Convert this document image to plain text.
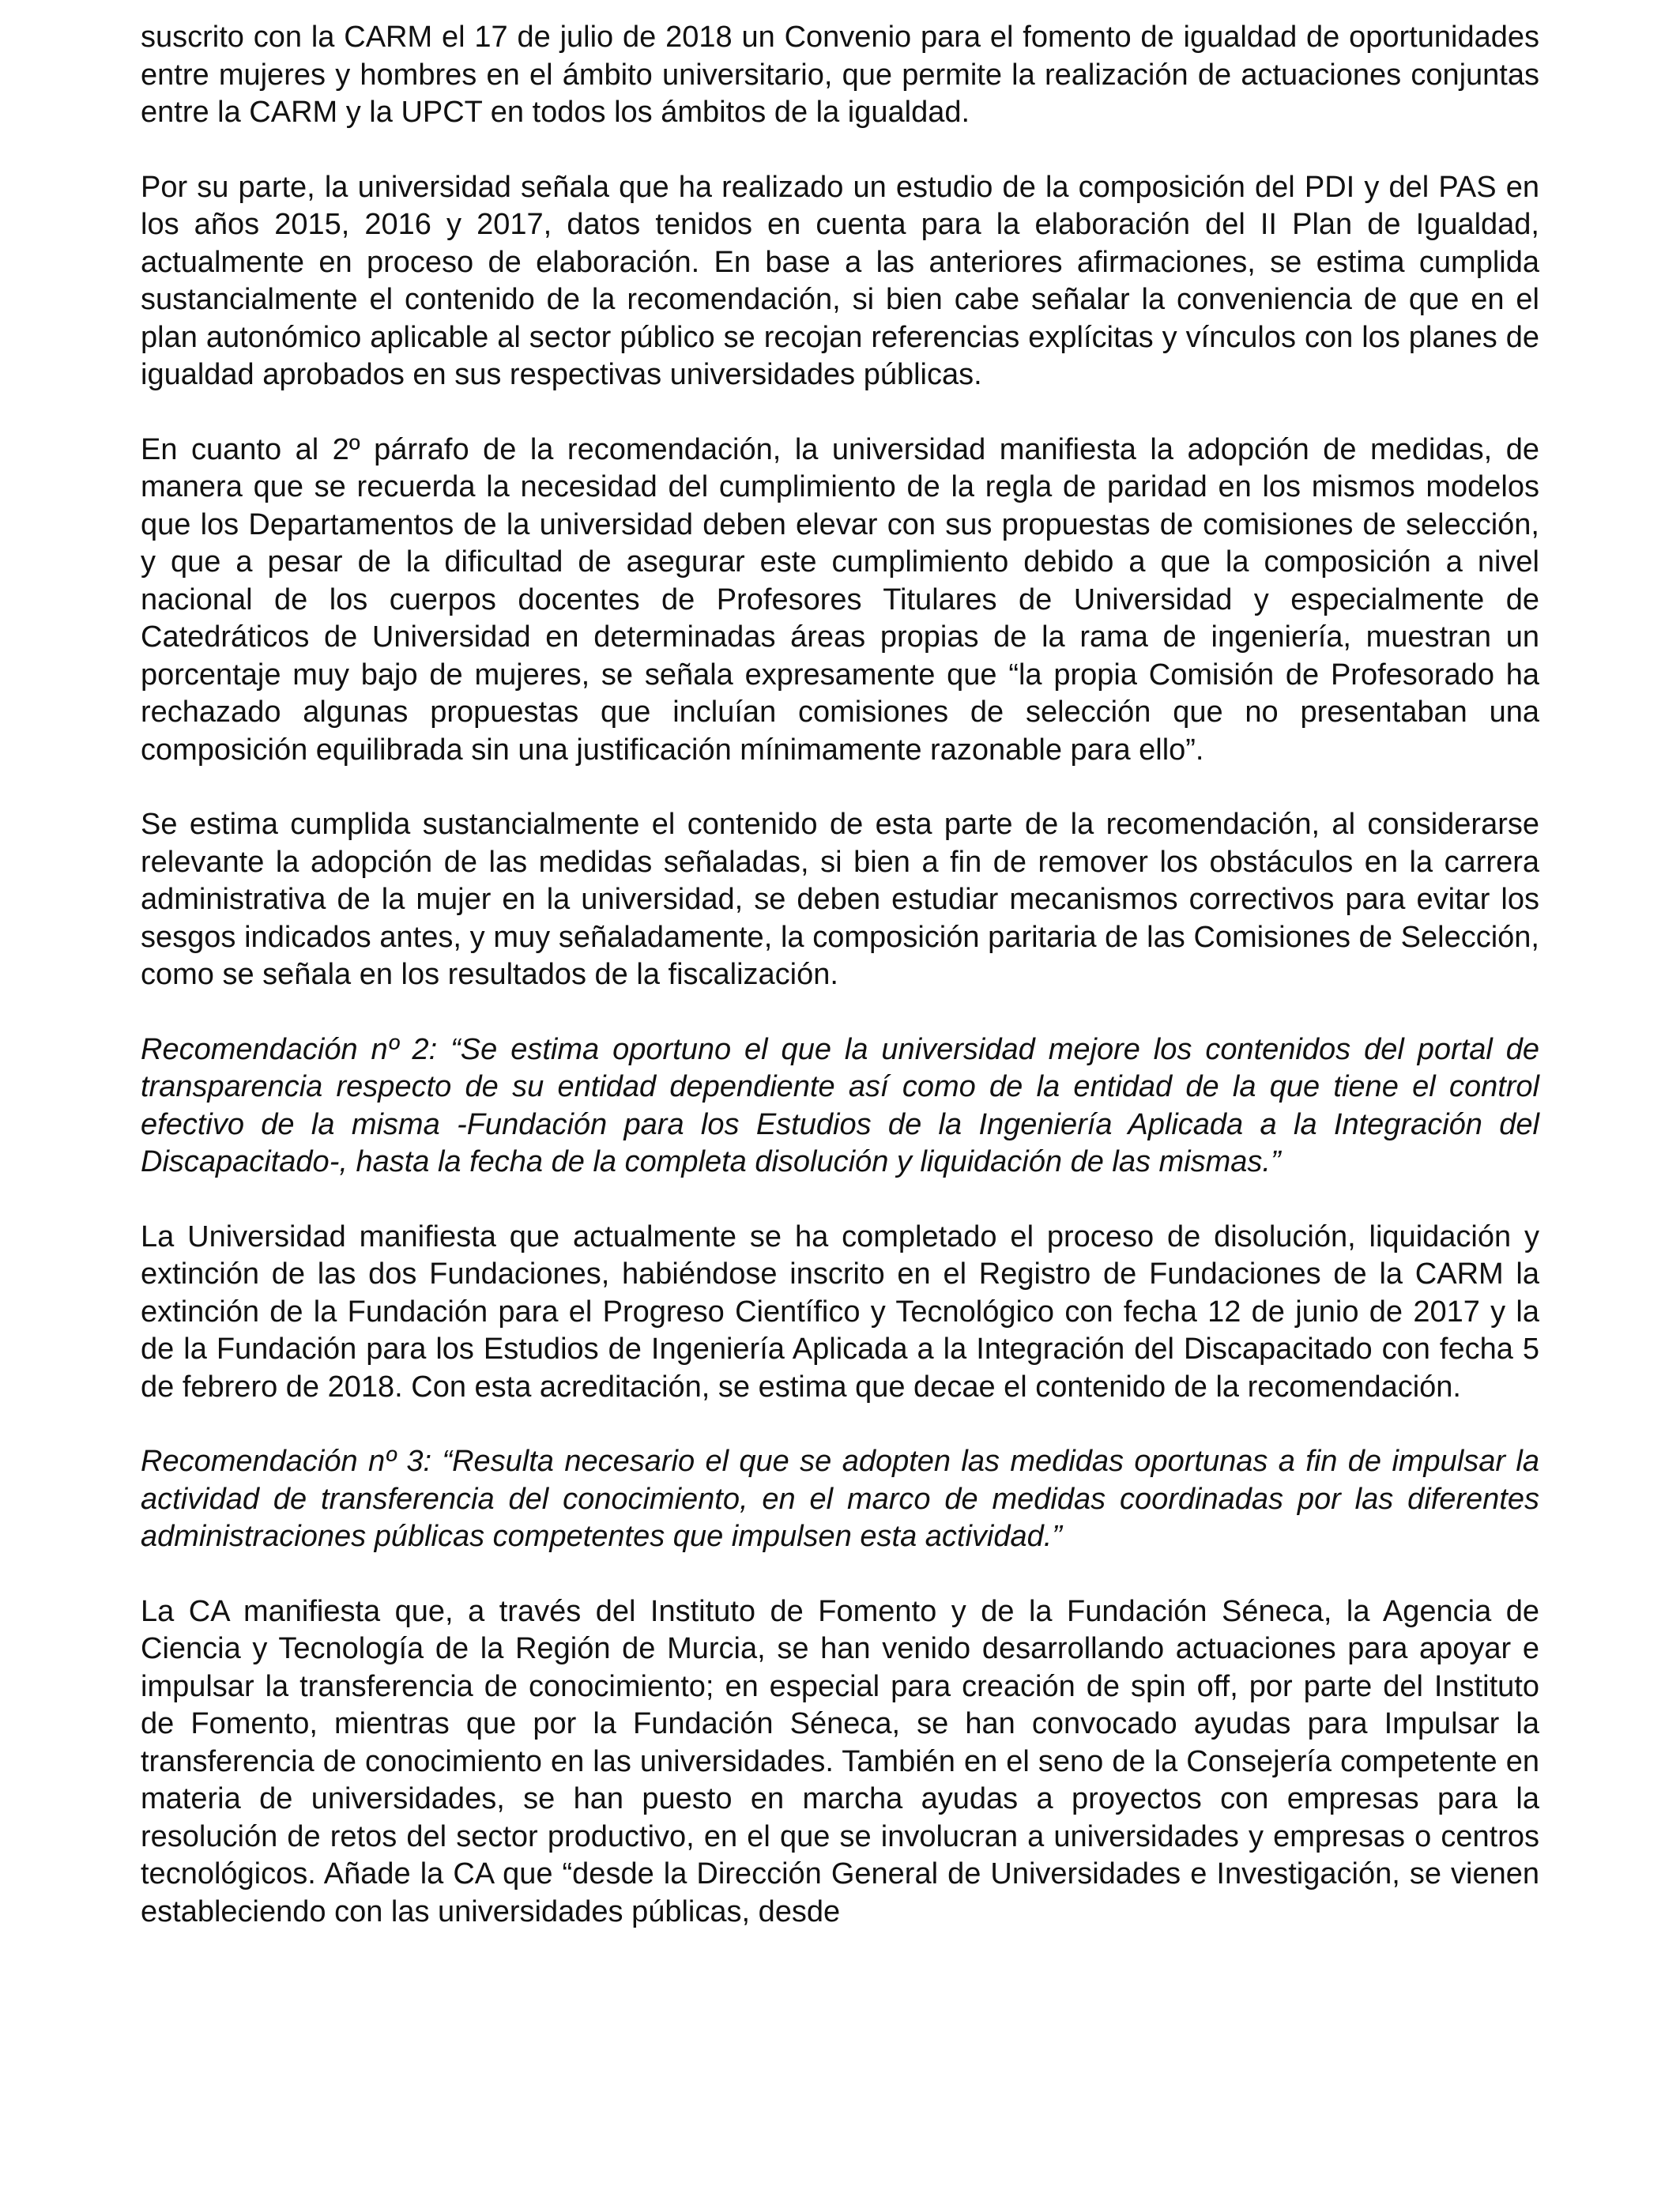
suscrito con la CARM el 17 de julio de 2018 un Convenio para el fomento de igualdad de oportunidades entre mujeres y hombres en el ámbito universitario, que permite la realización de actuaciones conjuntas entre la CARM y la UPCT en todos los ámbitos de la igualdad.

Por su parte, la universidad señala que ha realizado un estudio de la composición del PDI y del PAS en los años 2015, 2016 y 2017, datos tenidos en cuenta para la elaboración del II Plan de Igualdad, actualmente en proceso de elaboración. En base a las anteriores afirmaciones, se estima cumplida sustancialmente el contenido de la recomendación, si bien cabe señalar la conveniencia de que en el plan autonómico aplicable al sector público se recojan referencias explícitas y vínculos con los planes de igualdad aprobados en sus respectivas universidades públicas.

En cuanto al 2º párrafo de la recomendación, la universidad manifiesta la adopción de medidas, de manera que se recuerda la necesidad del cumplimiento de la regla de paridad en los mismos modelos que los Departamentos de la universidad deben elevar con sus propuestas de comisiones de selección, y que a pesar de la dificultad de asegurar este cumplimiento debido a que la composición a nivel nacional de los cuerpos docentes de Profesores Titulares de Universidad y especialmente de Catedráticos de Universidad en determinadas áreas propias de la rama de ingeniería, muestran un porcentaje muy bajo de mujeres, se señala expresamente que “la propia Comisión de Profesorado ha rechazado algunas propuestas que incluían comisiones de selección que no presentaban una composición equilibrada sin una justificación mínimamente razonable para ello”.

Se estima cumplida sustancialmente el contenido de esta parte de la recomendación, al considerarse relevante la adopción de las medidas señaladas, si bien a fin de remover los obstáculos en la carrera administrativa de la mujer en la universidad, se deben estudiar mecanismos correctivos para evitar los sesgos indicados antes, y muy señaladamente, la composición paritaria de las Comisiones de Selección, como se señala en los resultados de la fiscalización.

Recomendación nº 2: “Se estima oportuno el que la universidad mejore los contenidos del portal de transparencia respecto de su entidad dependiente así como de la entidad de la que tiene el control efectivo de la misma -Fundación para los Estudios de la Ingeniería Aplicada a la Integración del Discapacitado-, hasta la fecha de la completa disolución y liquidación de las mismas.”

La Universidad manifiesta que actualmente se ha completado el proceso de disolución, liquidación y extinción de las dos Fundaciones, habiéndose inscrito en el Registro de Fundaciones de la CARM la extinción de la Fundación para el Progreso Científico y Tecnológico con fecha 12 de junio de 2017 y la de la Fundación para los Estudios de Ingeniería Aplicada a la Integración del Discapacitado con fecha 5 de febrero de 2018. Con esta acreditación, se estima que decae el contenido de la recomendación.

Recomendación nº 3: “Resulta necesario el que se adopten las medidas oportunas a fin de impulsar la actividad de transferencia del conocimiento, en el marco de medidas coordinadas por las diferentes administraciones públicas competentes que impulsen esta actividad.”

La CA manifiesta que, a través del Instituto de Fomento y de la Fundación Séneca, la Agencia de Ciencia y Tecnología de la Región de Murcia, se han venido desarrollando actuaciones para apoyar e impulsar la transferencia de conocimiento; en especial para creación de spin off, por parte del Instituto de Fomento, mientras que por la Fundación Séneca, se han convocado ayudas para Impulsar la transferencia de conocimiento en las universidades. También en el seno de la Consejería competente en materia de universidades, se han puesto en marcha ayudas a proyectos con empresas para la resolución de retos del sector productivo, en el que se involucran a universidades y empresas o centros tecnológicos. Añade la CA que “desde la Dirección General de Universidades e Investigación, se vienen estableciendo con las universidades públicas, desde
